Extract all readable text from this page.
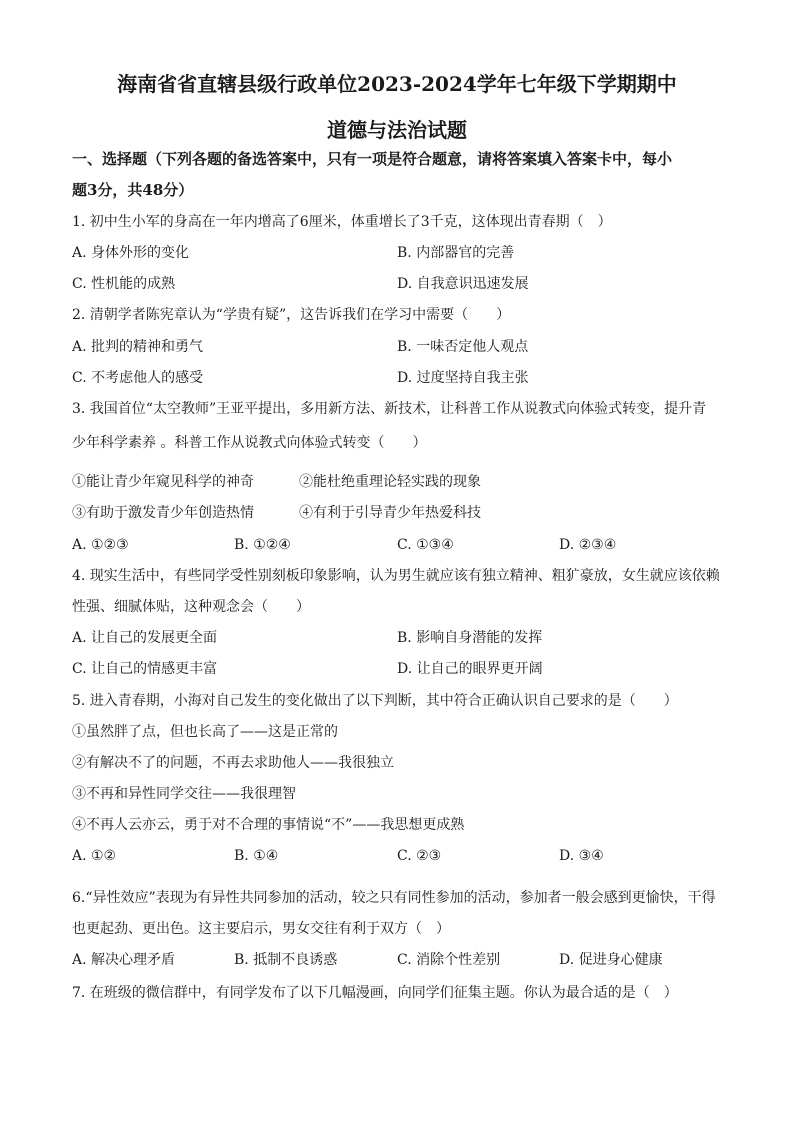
海南省省直辖县级行政单位2023-2024学年七年级下学期期中
道德与法治试题
一、选择题（下列各题的备选答案中，只有一项是符合题意，请将答案填入答案卡中，每小
题3分，共48分）
1. 初中生小军的身高在一年内增高了6厘米，体重增长了3千克，这体现出青春期（　）
A. 身体外形的变化	B. 内部器官的完善
C. 性机能的成熟	D. 自我意识迅速发展
2. 清朝学者陈宪章认为“学贵有疑”，这告诉我们在学习中需要（　　）
A. 批判的精神和勇气	B. 一味否定他人观点
C. 不考虑他人的感受	D. 过度坚持自我主张
3. 我国首位“太空教师”王亚平提出，多用新方法、新技术，让科普工作从说教式向体验式转变，提升青
少年科学素养 。科普工作从说教式向体验式转变（　　）
①能让青少年窥见科学的神奇	②能杜绝重理论轻实践的现象
③有助于激发青少年创造热情	④有利于引导青少年热爱科技
A. ①②③	B. ①②④	C. ①③④	D. ②③④
4. 现实生活中，有些同学受性别刻板印象影响，认为男生就应该有独立精神、粗犷豪放，女生就应该依赖
性强、细腻体贴，这种观念会（　　）
A. 让自己的发展更全面	B. 影响自身潜能的发挥
C. 让自己的情感更丰富	D. 让自己的眼界更开阔
5. 进入青春期，小海对自己发生的变化做出了以下判断，其中符合正确认识自己要求的是（　　）
①虽然胖了点，但也长高了——这是正常的
②有解决不了的问题，不再去求助他人——我很独立
③不再和异性同学交往——我很理智
④不再人云亦云，勇于对不合理的事情说“不”——我思想更成熟
A. ①②	B. ①④	C. ②③	D. ③④
6.“异性效应”表现为有异性共同参加的活动，较之只有同性参加的活动，参加者一般会感到更愉快，干得
也更起劲、更出色。这主要启示，男女交往有利于双方（　）
A. 解决心理矛盾	B. 抵制不良诱惑	C. 消除个性差别	D. 促进身心健康
7. 在班级的微信群中，有同学发布了以下几幅漫画，向同学们征集主题。你认为最合适的是（　）
